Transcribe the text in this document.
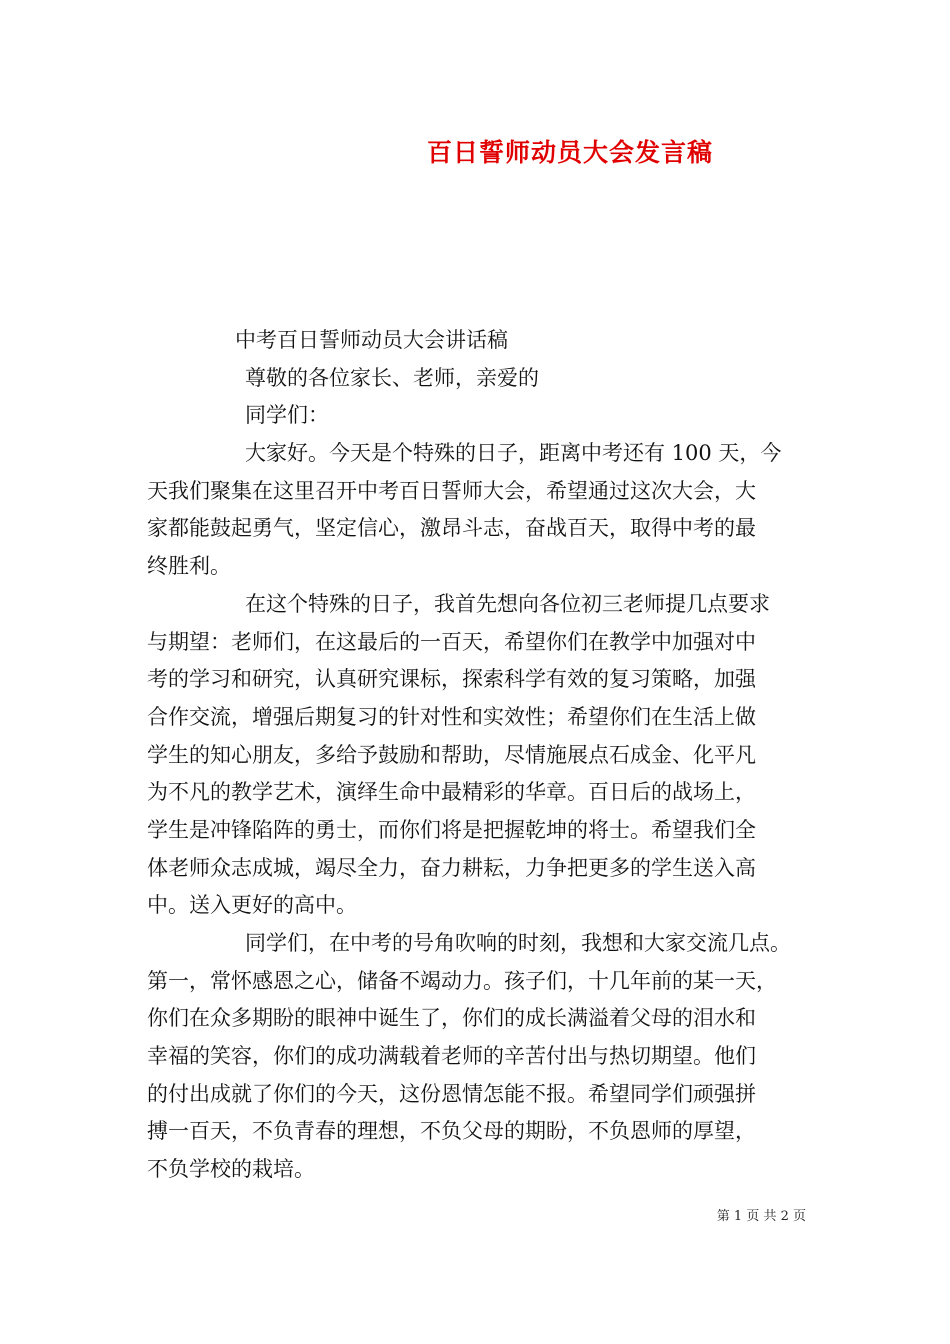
百日誓师动员大会发言稿
中考百日誓师动员大会讲话稿
尊敬的各位家长、老师，亲爱的
同学们：
大家好。今天是个特殊的日子，距离中考还有 100 天，今
天我们聚集在这里召开中考百日誓师大会，希望通过这次大会，大
家都能鼓起勇气，坚定信心，激昂斗志，奋战百天，取得中考的最
终胜利。
在这个特殊的日子，我首先想向各位初三老师提几点要求
与期望：老师们，在这最后的一百天，希望你们在教学中加强对中
考的学习和研究，认真研究课标，探索科学有效的复习策略，加强
合作交流，增强后期复习的针对性和实效性；希望你们在生活上做
学生的知心朋友，多给予鼓励和帮助，尽情施展点石成金、化平凡
为不凡的教学艺术，演绎生命中最精彩的华章。百日后的战场上，
学生是冲锋陷阵的勇士，而你们将是把握乾坤的将士。希望我们全
体老师众志成城，竭尽全力，奋力耕耘，力争把更多的学生送入高
中。送入更好的高中。
同学们，在中考的号角吹响的时刻，我想和大家交流几点。
第一，常怀感恩之心，储备不竭动力。孩子们，十几年前的某一天，
你们在众多期盼的眼神中诞生了，你们的成长满溢着父母的泪水和
幸福的笑容，你们的成功满载着老师的辛苦付出与热切期望。他们
的付出成就了你们的今天，这份恩情怎能不报。希望同学们顽强拼
搏一百天，不负青春的理想，不负父母的期盼，不负恩师的厚望，
不负学校的栽培。
第 1 页 共 2 页
